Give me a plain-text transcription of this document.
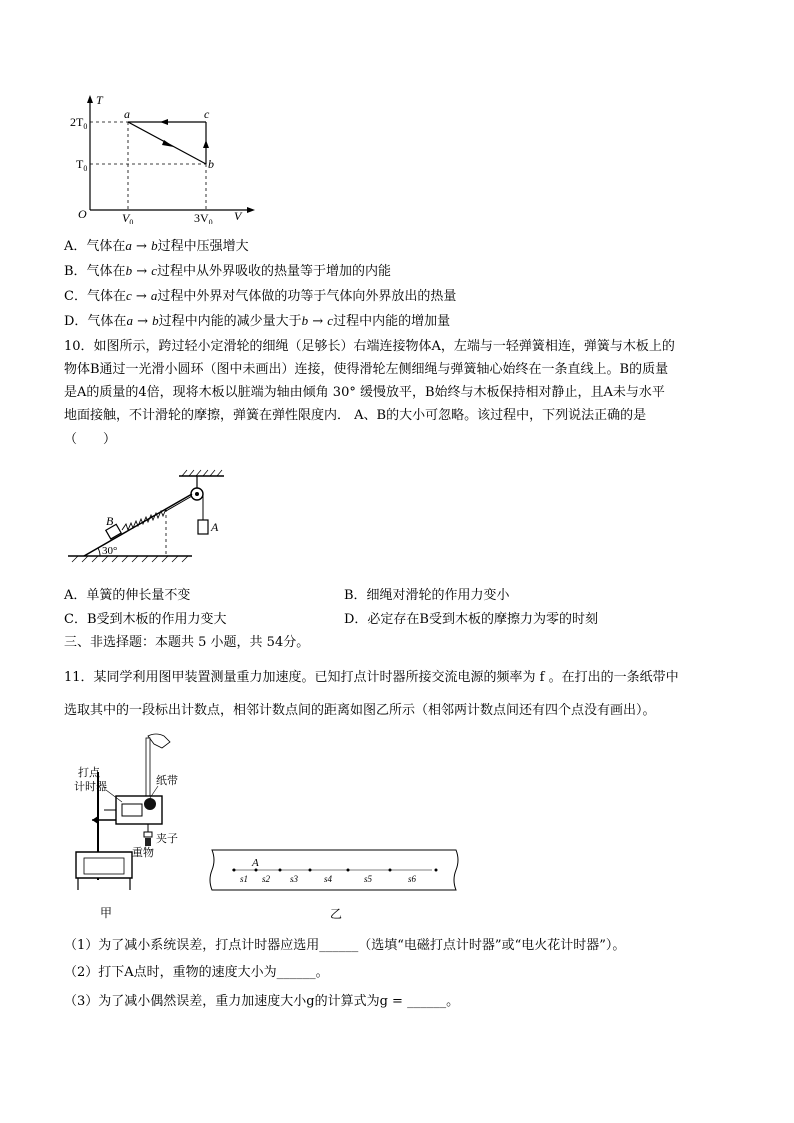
T
V
O
$2T_0$
$T_0$
$V_0$	$3V_0$
a
b
c
A．气体在a → b过程中压强增大
B．气体在b → c过程中从外界吸收的热量等于增加的内能
C．气体在c → a过程中外界对气体做的功等于气体向外界放出的热量
D．气体在a → b过程中内能的减少量大于b → c过程中内能的增加量
10．如图所示，跨过轻小定滑轮的细绳（足够长）右端连接物体A，左端与一轻弹簧相连，弹簧与木板上的
物体B通过一光滑小圆环（图中未画出）连接，使得滑轮左侧细绳与弹簧轴心始终在一条直线上。B的质量
是A的质量的4倍，现将木板以脏端为轴由倾角 30° 缓慢放平，B始终与木板保持相对静止，且A未与水平
地面接触，不计滑轮的摩擦，弹簧在弹性限度内． A、B的大小可忽略。该过程中，下列说法正确的是
（　　）
A
B
30°
A．单簧的伸长量不变	B．细绳对滑轮的作用力变小
C．B受到木板的作用力变大	D．必定存在B受到木板的摩擦力为零的时刻
三、非选择题：本题共 5 小题，共 54分。
11．某同学利用图甲装置测量重力加速度。已知打点计时器所接交流电源的频率为 f 。在打出的一条纸带中
选取其中的一段标出计数点，相邻计数点间的距离如图乙所示（相邻两计数点间还有四个点没有画出）。
打点
计时器	纸带
夹子
重物
甲
A
s1 s2 s3	s4	s5	s6
乙
（1）为了减小系统误差，打点计时器应选用______（选填“电磁打点计时器”或“电火花计时器”）。
（2）打下A点时，重物的速度大小为______。
（3）为了减小偶然误差，重力加速度大小g的计算式为g = ______。
